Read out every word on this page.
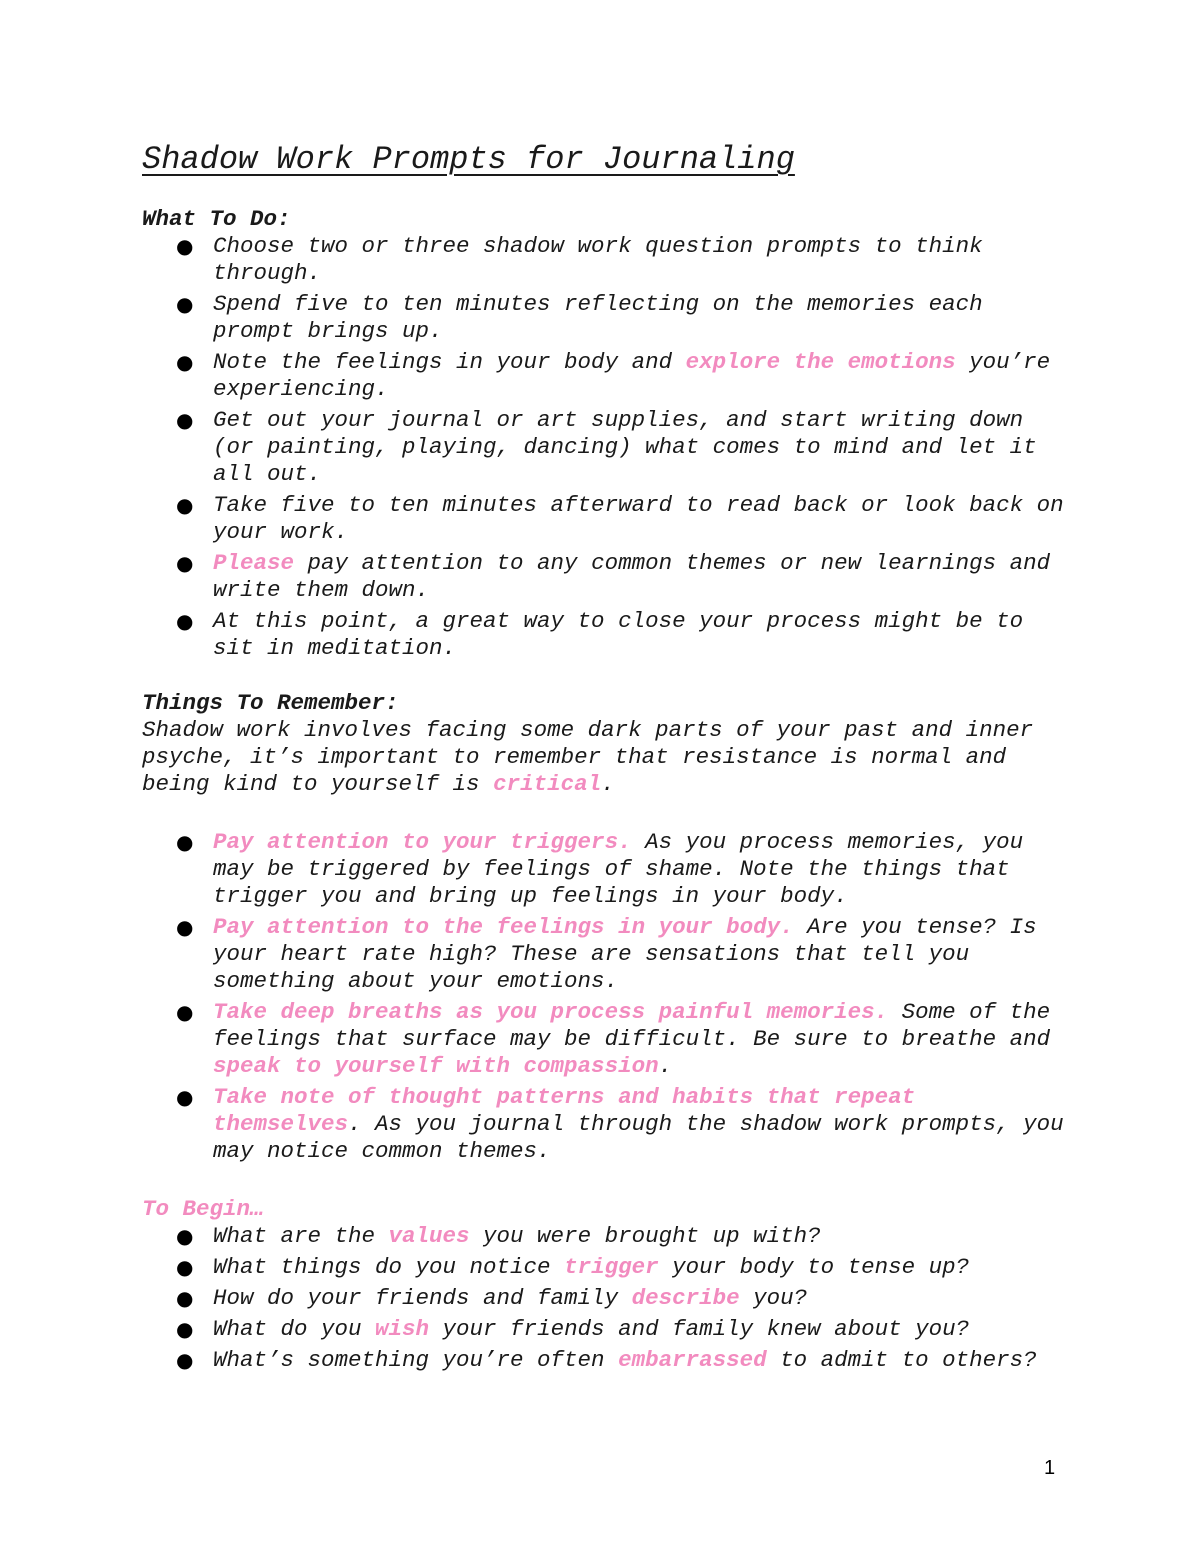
Shadow Work Prompts for Journaling

What To Do:

● Choose two or three shadow work question prompts to think through.
● Spend five to ten minutes reflecting on the memories each prompt brings up.
● Note the feelings in your body and explore the emotions you’re experiencing.
● Get out your journal or art supplies, and start writing down (or painting, playing, dancing) what comes to mind and let it all out.
● Take five to ten minutes afterward to read back or look back on your work.
● Please pay attention to any common themes or new learnings and write them down.
● At this point, a great way to close your process might be to sit in meditation.

Things To Remember:

Shadow work involves facing some dark parts of your past and inner psyche, it’s important to remember that resistance is normal and being kind to yourself is critical.

● Pay attention to your triggers. As you process memories, you may be triggered by feelings of shame. Note the things that trigger you and bring up feelings in your body.
● Pay attention to the feelings in your body. Are you tense? Is your heart rate high? These are sensations that tell you something about your emotions.
● Take deep breaths as you process painful memories. Some of the feelings that surface may be difficult. Be sure to breathe and speak to yourself with compassion.
● Take note of thought patterns and habits that repeat themselves. As you journal through the shadow work prompts, you may notice common themes.

To Begin…

● What are the values you were brought up with?
● What things do you notice trigger your body to tense up?
● How do your friends and family describe you?
● What do you wish your friends and family knew about you?
● What’s something you’re often embarrassed to admit to others?
1
